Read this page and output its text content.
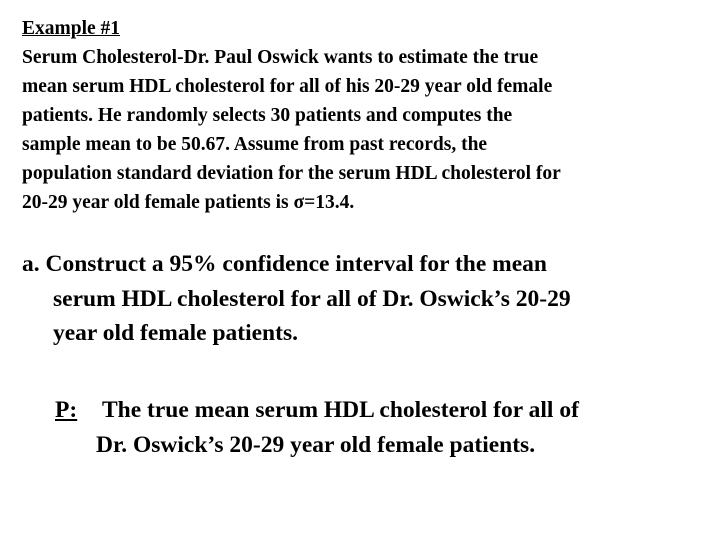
Example #1
Serum Cholesterol-Dr. Paul Oswick wants to estimate the true
mean serum HDL cholesterol for all of his 20-29 year old female
patients. He randomly selects 30 patients and computes the
sample mean to be 50.67. Assume from past records, the
population standard deviation for the serum HDL cholesterol for
20-29 year old female patients is σ=13.4.
a. Construct a 95% confidence interval for the mean
serum HDL cholesterol for all of Dr. Oswick’s 20-29
year old female patients.
P: The true mean serum HDL cholesterol for all of
Dr. Oswick’s 20-29 year old female patients.
